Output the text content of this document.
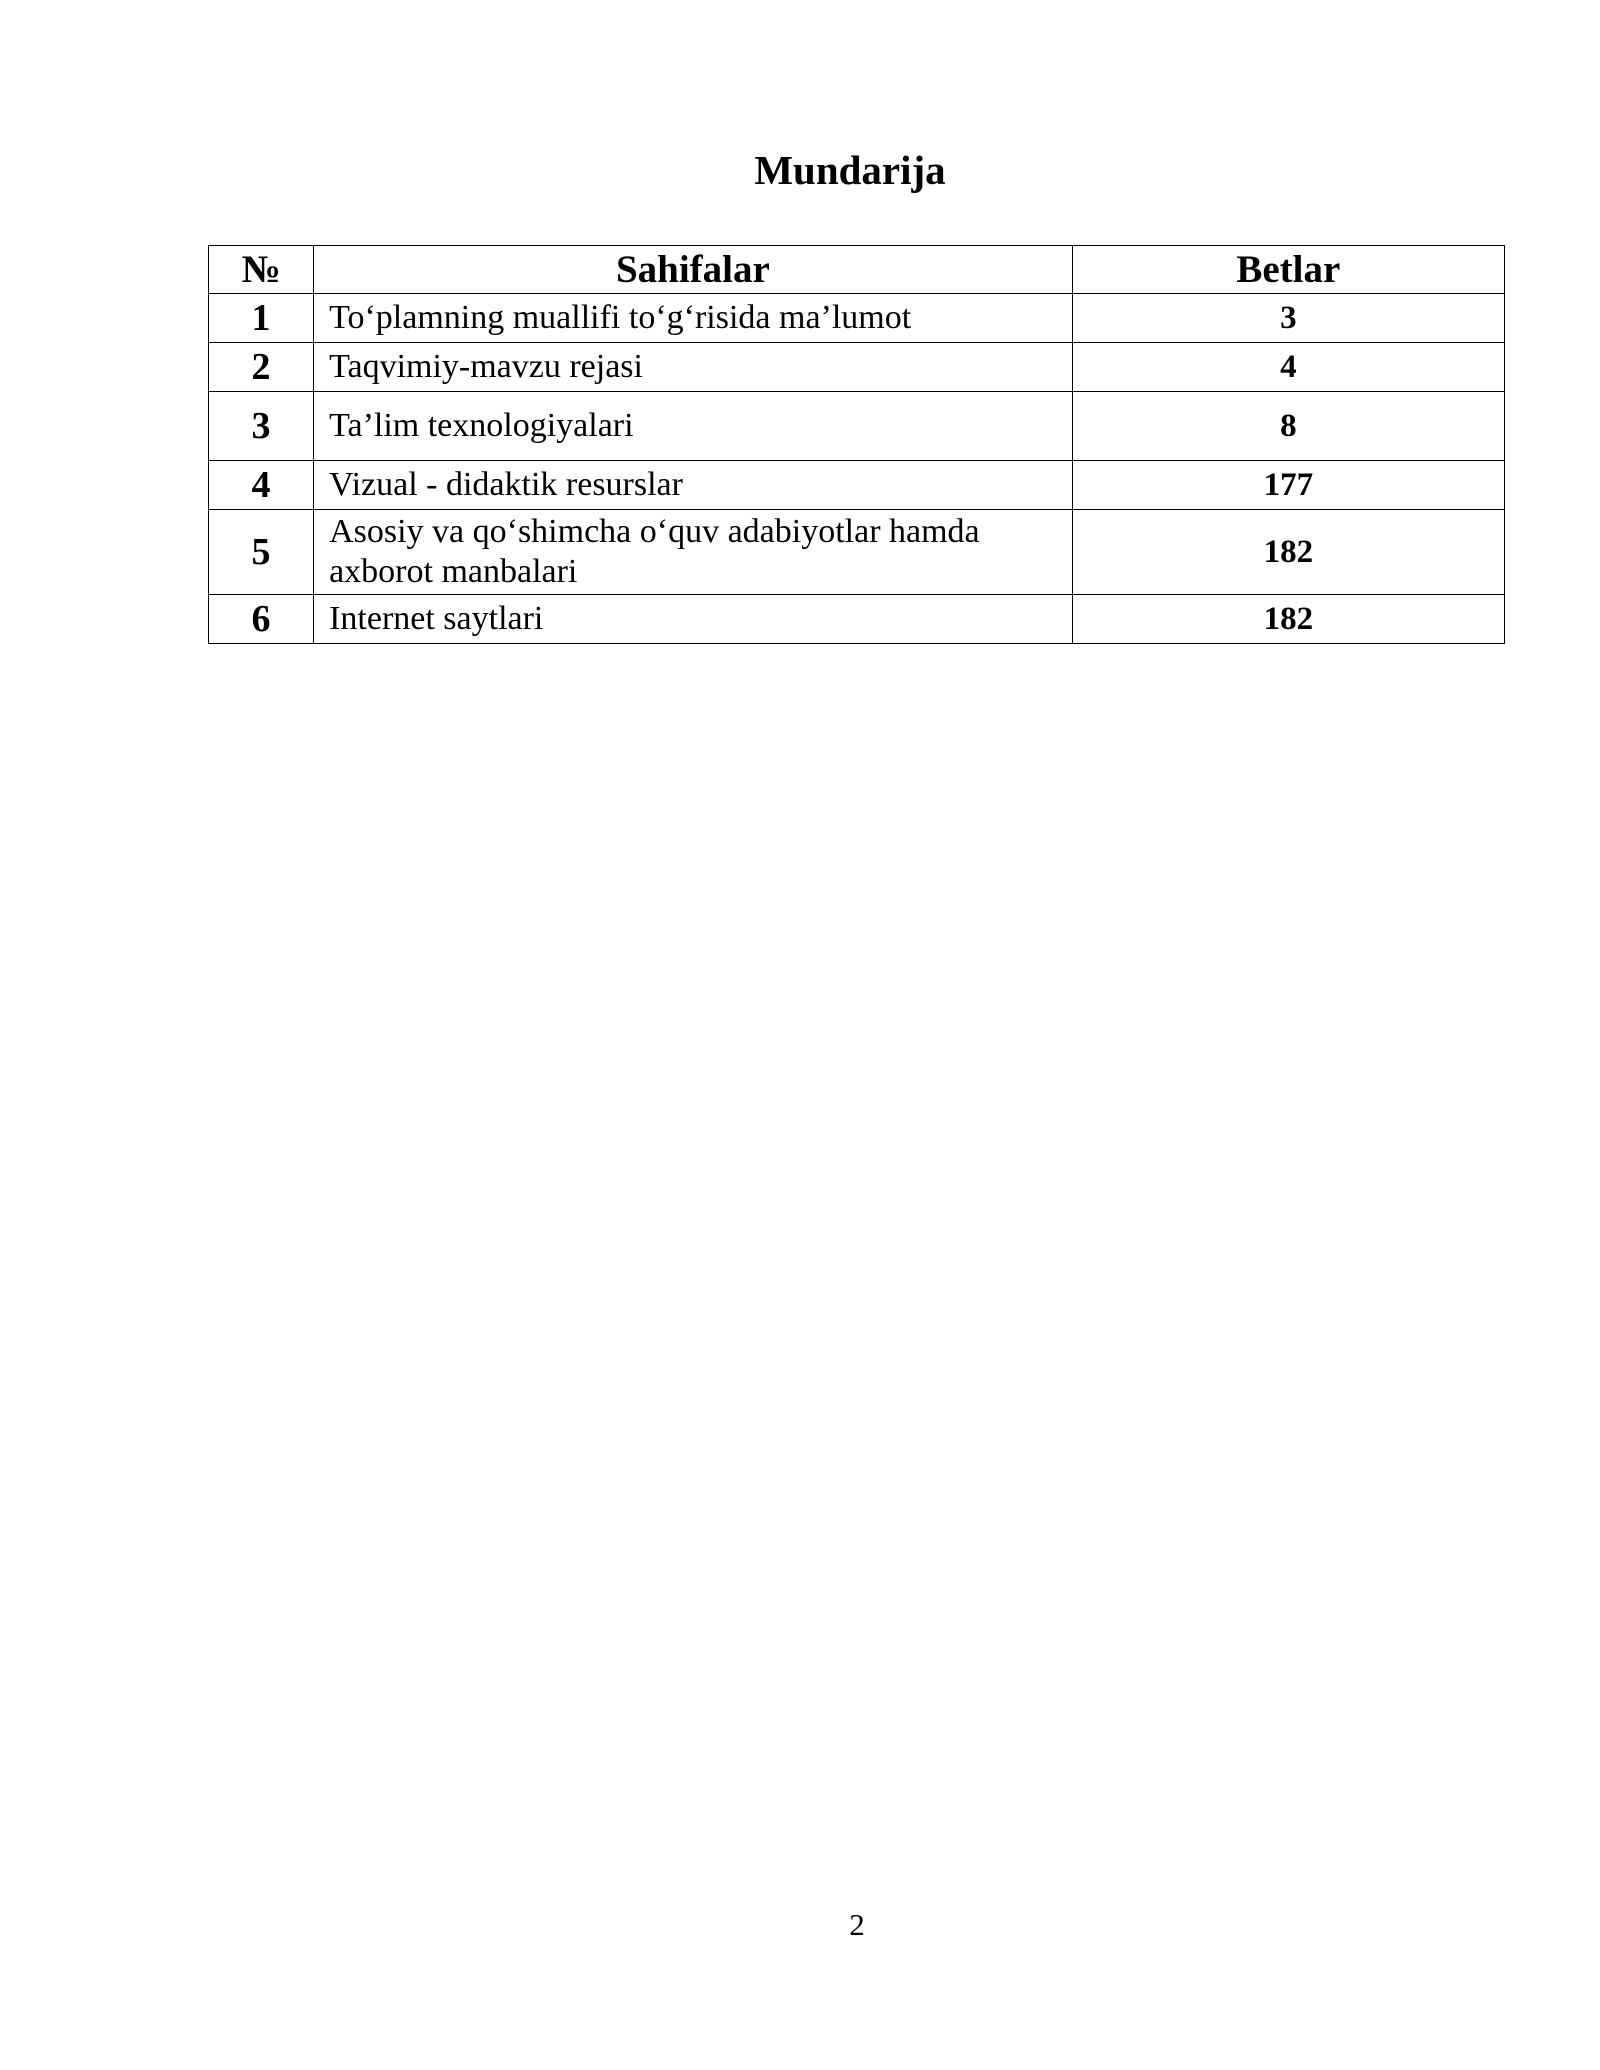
Mundarija
№	Sahifalar	Betlar
1	To‘plamning muallifi to‘g‘risida ma’lumot	3
2	Taqvimiy-mavzu rejasi	4
3	Ta’lim texnologiyalari	8
4	Vizual - didaktik resurslar	177
5	Asosiy va qo‘shimcha o‘quv adabiyotlar hamda axborot manbalari	182
6	Internet saytlari	182
2
